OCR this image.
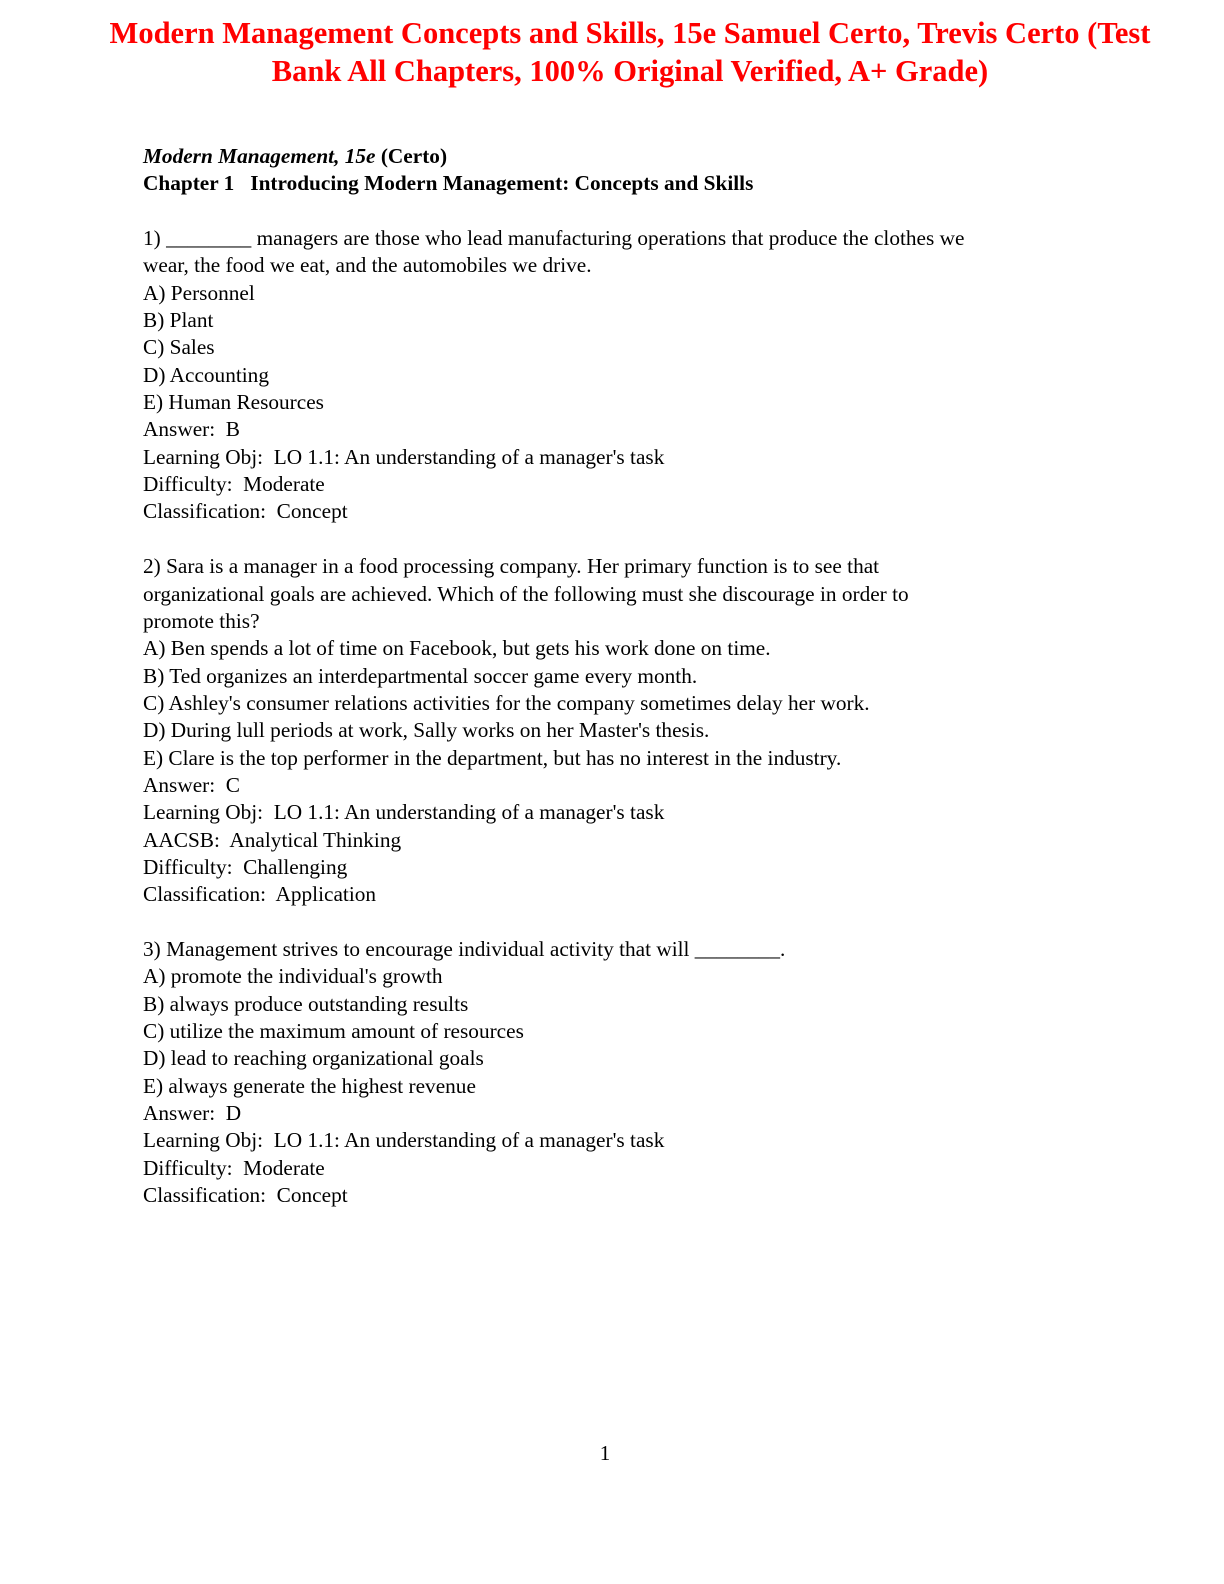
Modern Management Concepts and Skills, 15e Samuel Certo, Trevis Certo (Test
Bank All Chapters, 100% Original Verified, A+ Grade)
Modern Management, 15e (Certo)
Chapter 1   Introducing Modern Management: Concepts and Skills
1) ________ managers are those who lead manufacturing operations that produce the clothes we
wear, the food we eat, and the automobiles we drive.
A) Personnel
B) Plant
C) Sales
D) Accounting
E) Human Resources
Answer:  B
Learning Obj:  LO 1.1: An understanding of a manager's task
Difficulty:  Moderate
Classification:  Concept
2) Sara is a manager in a food processing company. Her primary function is to see that
organizational goals are achieved. Which of the following must she discourage in order to
promote this?
A) Ben spends a lot of time on Facebook, but gets his work done on time.
B) Ted organizes an interdepartmental soccer game every month.
C) Ashley's consumer relations activities for the company sometimes delay her work.
D) During lull periods at work, Sally works on her Master's thesis.
E) Clare is the top performer in the department, but has no interest in the industry.
Answer:  C
Learning Obj:  LO 1.1: An understanding of a manager's task
AACSB:  Analytical Thinking
Difficulty:  Challenging
Classification:  Application
3) Management strives to encourage individual activity that will ________.
A) promote the individual's growth
B) always produce outstanding results
C) utilize the maximum amount of resources
D) lead to reaching organizational goals
E) always generate the highest revenue
Answer:  D
Learning Obj:  LO 1.1: An understanding of a manager's task
Difficulty:  Moderate
Classification:  Concept
1
